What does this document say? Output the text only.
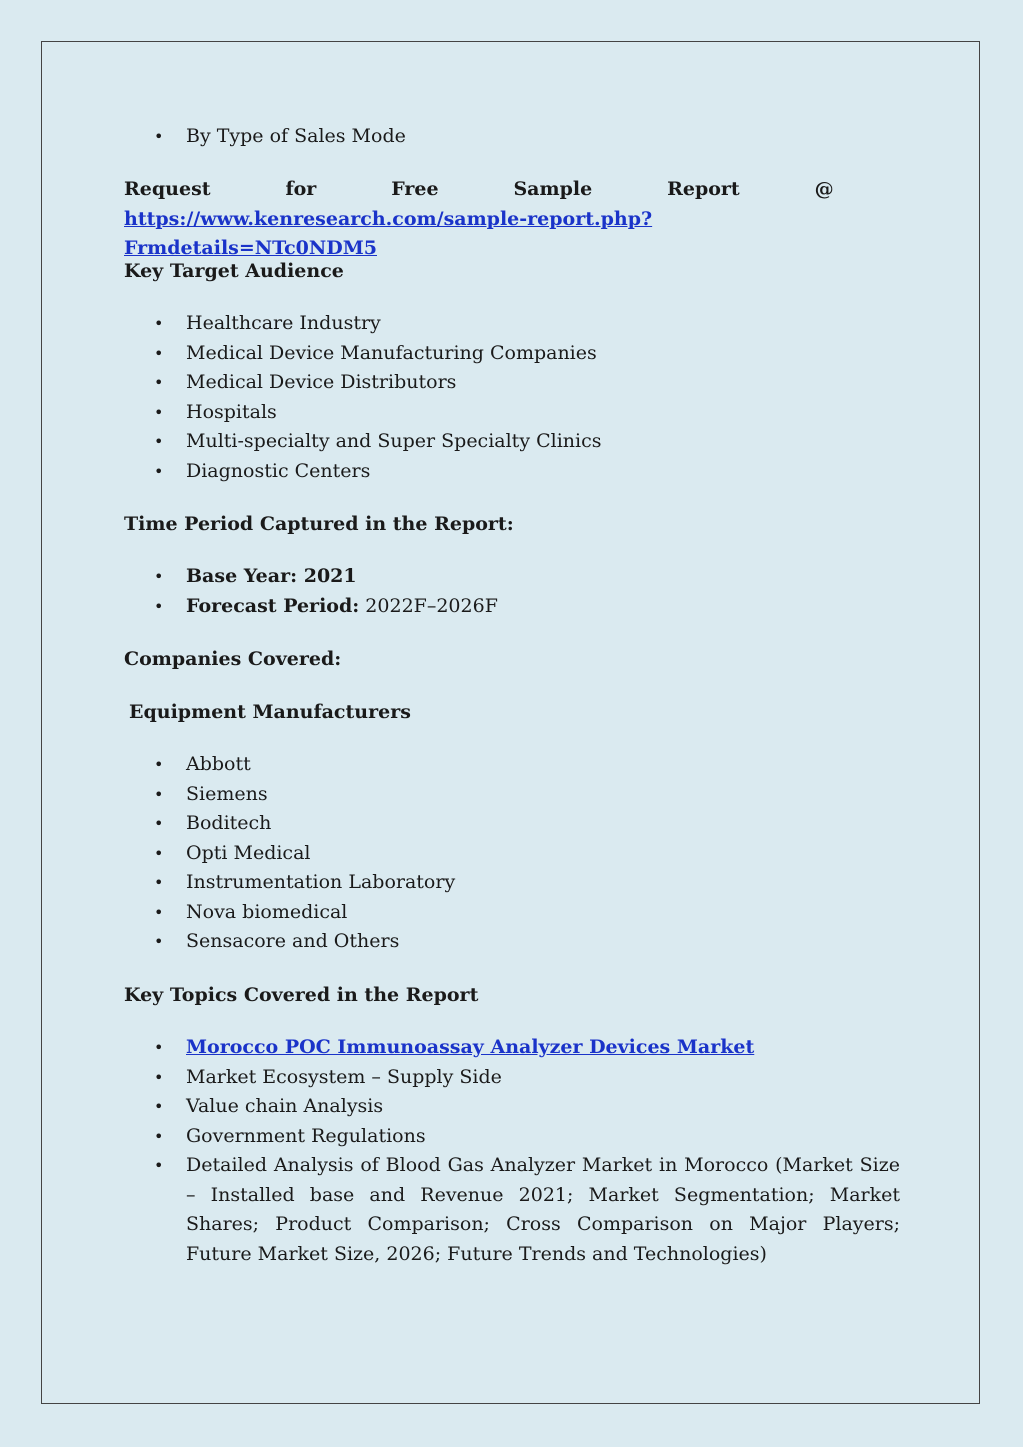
• By Type of Sales Mode
Request for Free Sample Report @   https://www.kenresearch.com/sample-report.php?Frmdetails=NTc0NDM5
Key Target Audience
• Healthcare Industry
• Medical Device Manufacturing Companies
• Medical Device Distributors
• Hospitals
• Multi-specialty and Super Specialty Clinics
• Diagnostic Centers
Time Period Captured in the Report:
• Base Year: 2021
• Forecast Period: 2022F–2026F
Companies Covered:
Equipment Manufacturers
• Abbott
• Siemens
• Boditech
• Opti Medical
• Instrumentation Laboratory
• Nova biomedical
• Sensacore and Others
Key Topics Covered in the Report
• Morocco POC Immunoassay Analyzer Devices Market
• Market Ecosystem – Supply Side
• Value chain Analysis
• Government Regulations
• Detailed Analysis of Blood Gas Analyzer Market in Morocco (Market Size – Installed base and Revenue 2021; Market Segmentation; Market Shares; Product Comparison; Cross Comparison on Major Players; Future Market Size, 2026; Future Trends and Technologies)
